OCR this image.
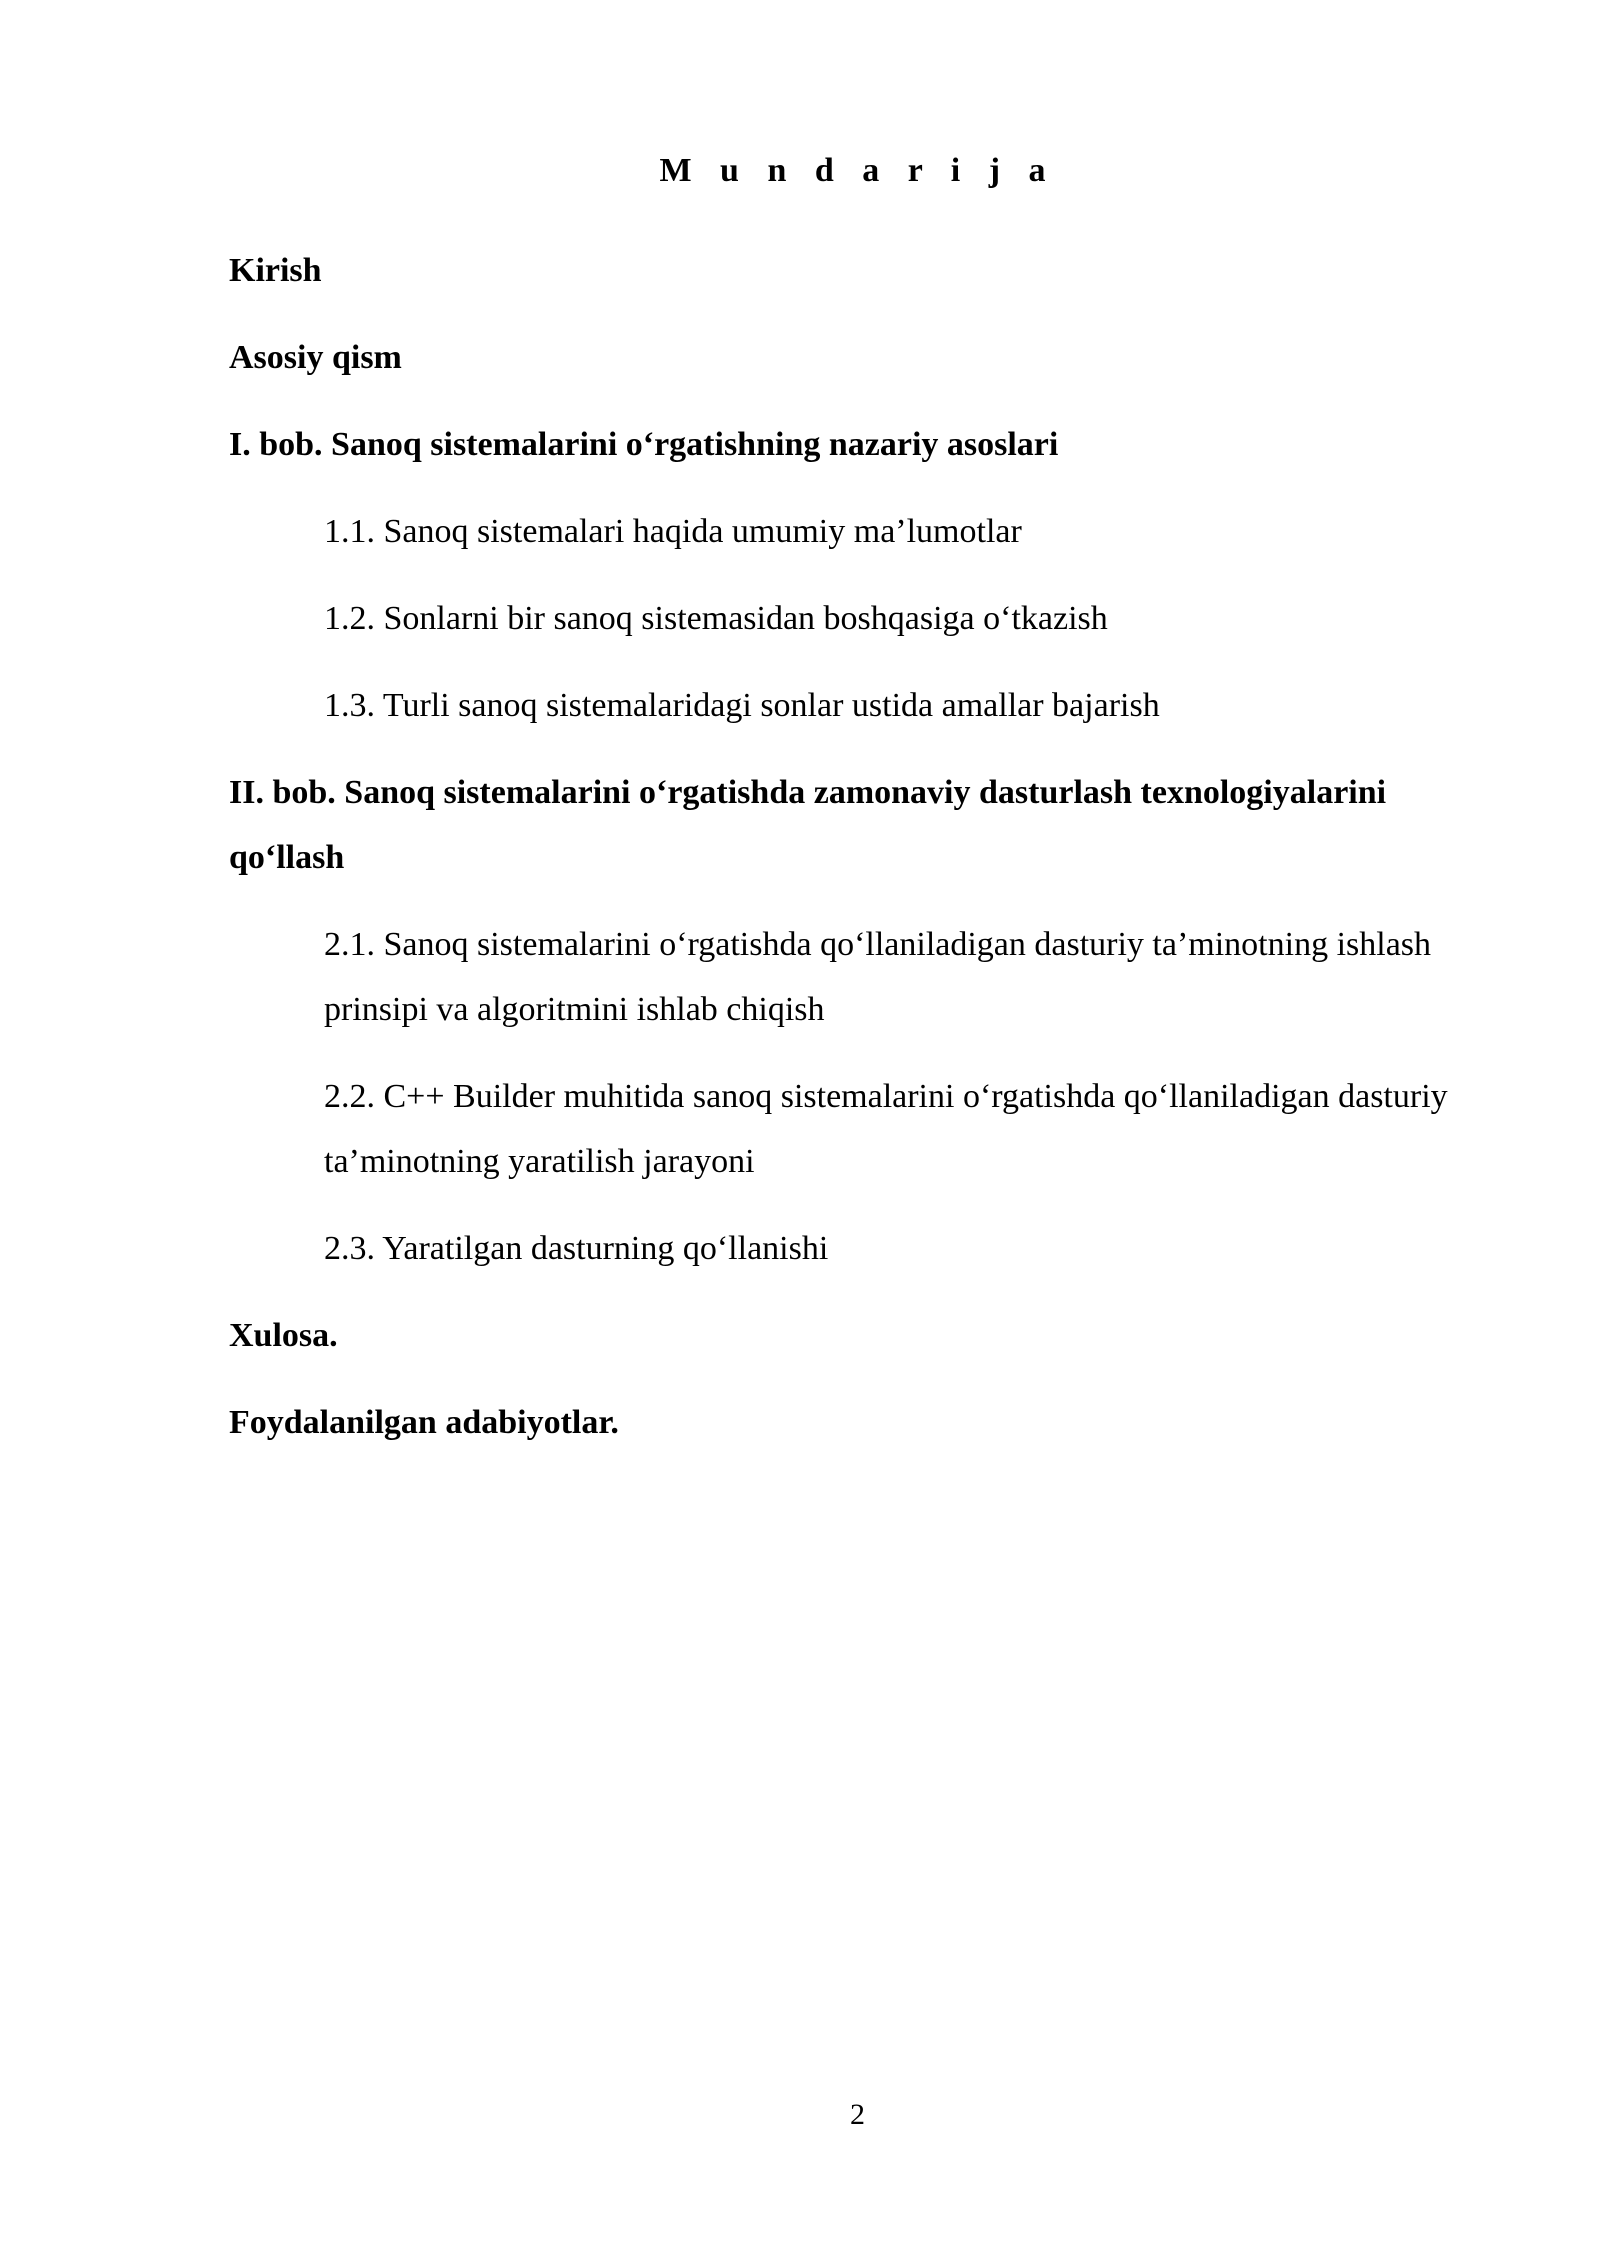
M u n d a r i j a
Kirish
Asosiy qism
I. bob. Sanoq sistemalarini o‘rgatishning nazariy asoslari
1.1. Sanoq sistemalari haqida umumiy ma’lumotlar
1.2. Sonlarni bir sanoq sistemasidan boshqasiga o‘tkazish
1.3. Turli sanoq sistemalaridagi sonlar ustida amallar bajarish
II. bob. Sanoq sistemalarini o‘rgatishda zamonaviy dasturlash texnologiyalarini qo‘llash
2.1. Sanoq sistemalarini o‘rgatishda qo‘llaniladigan dasturiy ta’minotning ishlash prinsipi va algoritmini ishlab chiqish
2.2. C++ Builder muhitida sanoq sistemalarini o‘rgatishda qo‘llaniladigan dasturiy ta’minotning yaratilish jarayoni
2.3. Yaratilgan dasturning qo‘llanishi
Xulosa.
Foydalanilgan adabiyotlar.
2
